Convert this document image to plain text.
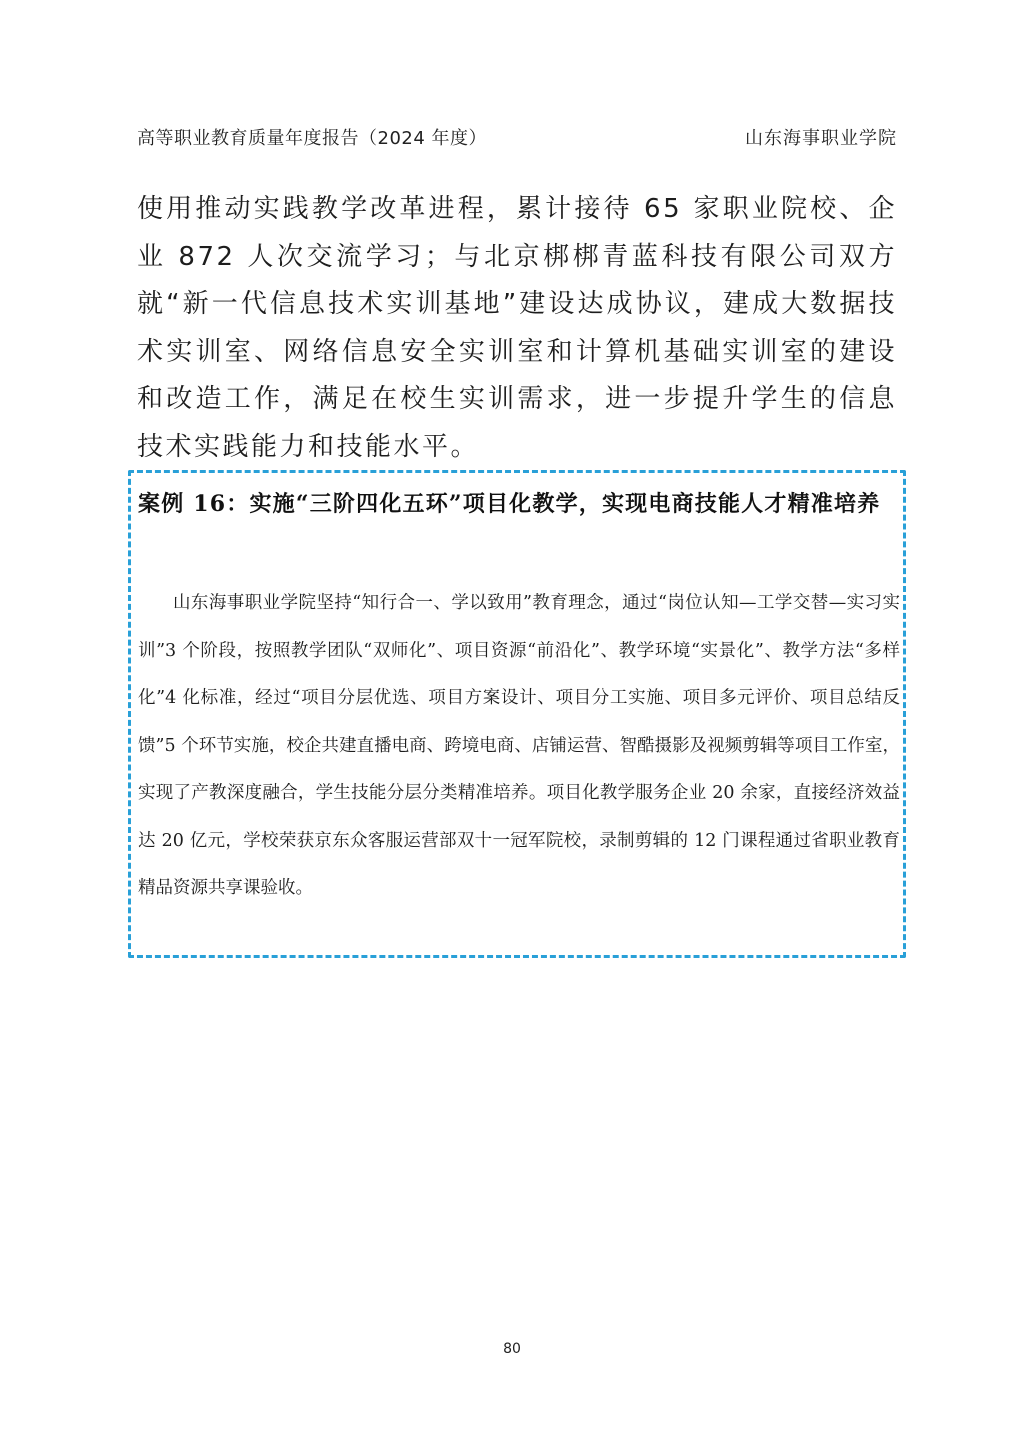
高等职业教育质量年度报告（2024 年度）	山东海事职业学院

使用推动实践教学改革进程，累计接待 65 家职业院校、企业 872 人次交流学习；与北京梆梆青蓝科技有限公司双方就“新一代信息技术实训基地”建设达成协议，建成大数据技术实训室、网络信息安全实训室和计算机基础实训室的建设和改造工作，满足在校生实训需求，进一步提升学生的信息技术实践能力和技能水平。

案例 16：实施“三阶四化五环”项目化教学，实现电商技能人才精准培养

山东海事职业学院坚持“知行合一、学以致用”教育理念，通过“岗位认知—工学交替—实习实训”3 个阶段，按照教学团队“双师化”、项目资源“前沿化”、教学环境“实景化”、教学方法“多样化”4 化标准，经过“项目分层优选、项目方案设计、项目分工实施、项目多元评价、项目总结反馈”5 个环节实施，校企共建直播电商、跨境电商、店铺运营、智酷摄影及视频剪辑等项目工作室，实现了产教深度融合，学生技能分层分类精准培养。项目化教学服务企业 20 余家，直接经济效益达 20 亿元，学校荣获京东众客服运营部双十一冠军院校，录制剪辑的 12 门课程通过省职业教育精品资源共享课验收。

80
